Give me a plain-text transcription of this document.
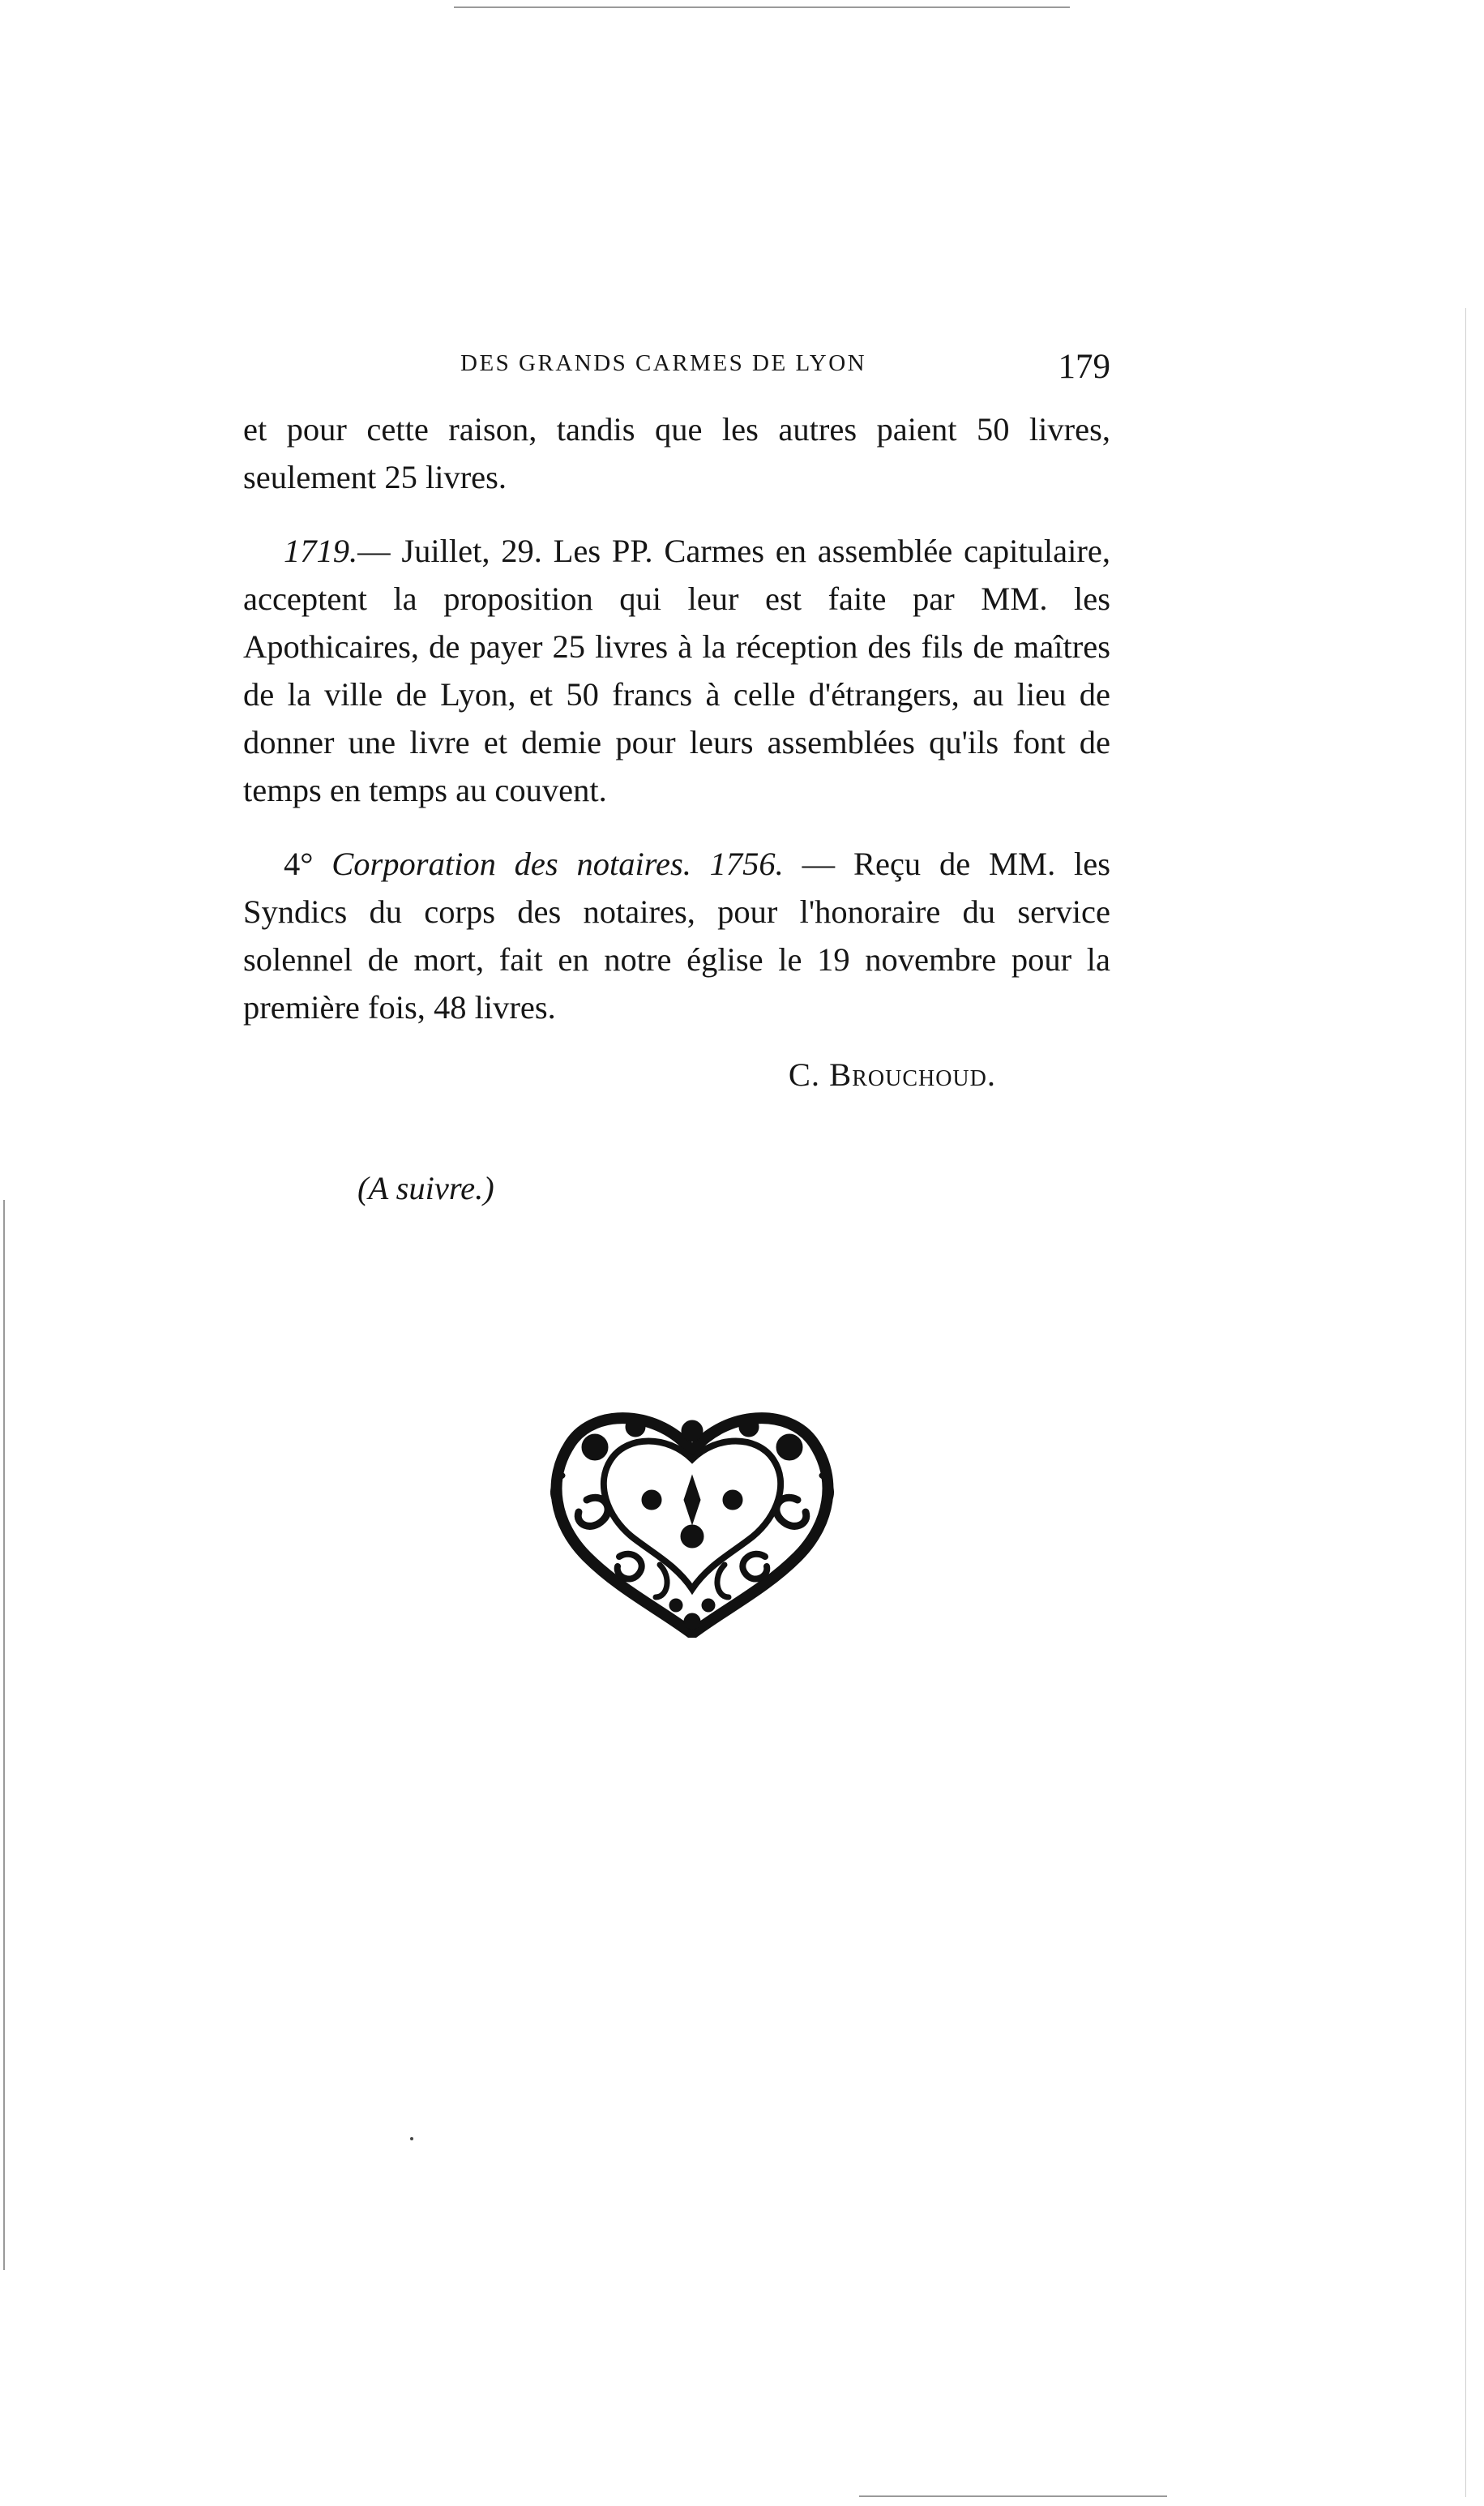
DES GRANDS CARMES DE LYON	179

et pour cette raison, tandis que les autres paient 50 livres, seulement 25 livres.

1719.— Juillet, 29. Les PP. Carmes en assemblée capitulaire, acceptent la proposition qui leur est faite par MM. les Apothicaires, de payer 25 livres à la réception des fils de maîtres de la ville de Lyon, et 50 francs à celle d'étrangers, au lieu de donner une livre et demie pour leurs assemblées qu'ils font de temps en temps au couvent.

4° Corporation des notaires. 1756. — Reçu de MM. les Syndics du corps des notaires, pour l'honoraire du service solennel de mort, fait en notre église le 19 novembre pour la première fois, 48 livres.

C. Brouchoud.
(A suivre.)
